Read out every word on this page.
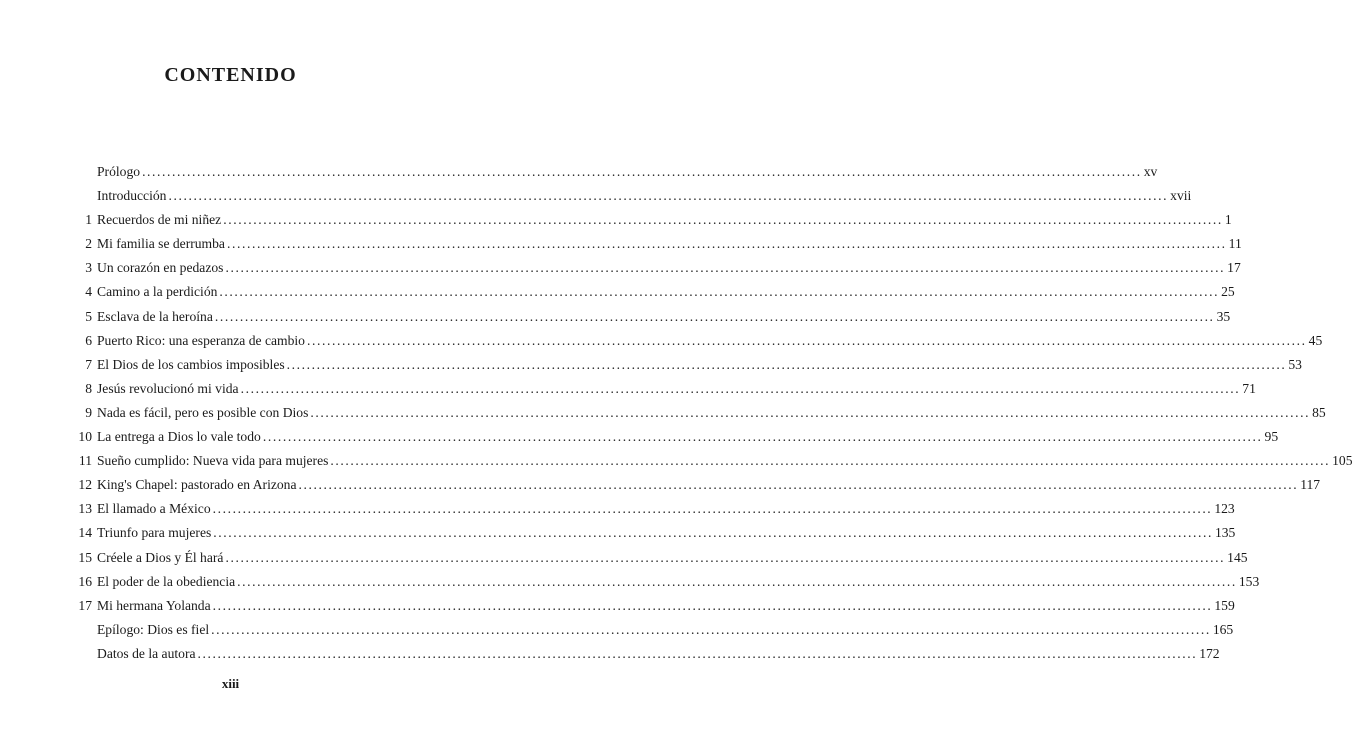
CONTENIDO
Prólogo ........................................................................................................................................................................................................ xv
Introducción ........................................................................................................................................................................................................ xvii
1 Recuerdos de mi niñez ........................................................................................................................................................................................................ 1
2 Mi familia se derrumba ........................................................................................................................................................................................................ 11
3 Un corazón en pedazos ........................................................................................................................................................................................................ 17
4 Camino a la perdición ........................................................................................................................................................................................................ 25
5 Esclava de la heroína ........................................................................................................................................................................................................ 35
6 Puerto Rico: una esperanza de cambio ........................................................................................................................................................................................................ 45
7 El Dios de los cambios imposibles ........................................................................................................................................................................................................ 53
8 Jesús revolucionó mi vida ........................................................................................................................................................................................................ 71
9 Nada es fácil, pero es posible con Dios ........................................................................................................................................................................................................ 85
10 La entrega a Dios lo vale todo ........................................................................................................................................................................................................ 95
11 Sueño cumplido: Nueva vida para mujeres ........................................................................................................................................................................................................ 105
12 King's Chapel: pastorado en Arizona ........................................................................................................................................................................................................ 117
13 El llamado a México ........................................................................................................................................................................................................ 123
14 Triunfo para mujeres ........................................................................................................................................................................................................ 135
15 Créele a Dios y Él hará ........................................................................................................................................................................................................ 145
16 El poder de la obediencia ........................................................................................................................................................................................................ 153
17 Mi hermana Yolanda ........................................................................................................................................................................................................ 159
Epílogo: Dios es fiel ........................................................................................................................................................................................................ 165
Datos de la autora ........................................................................................................................................................................................................ 172
xiii
